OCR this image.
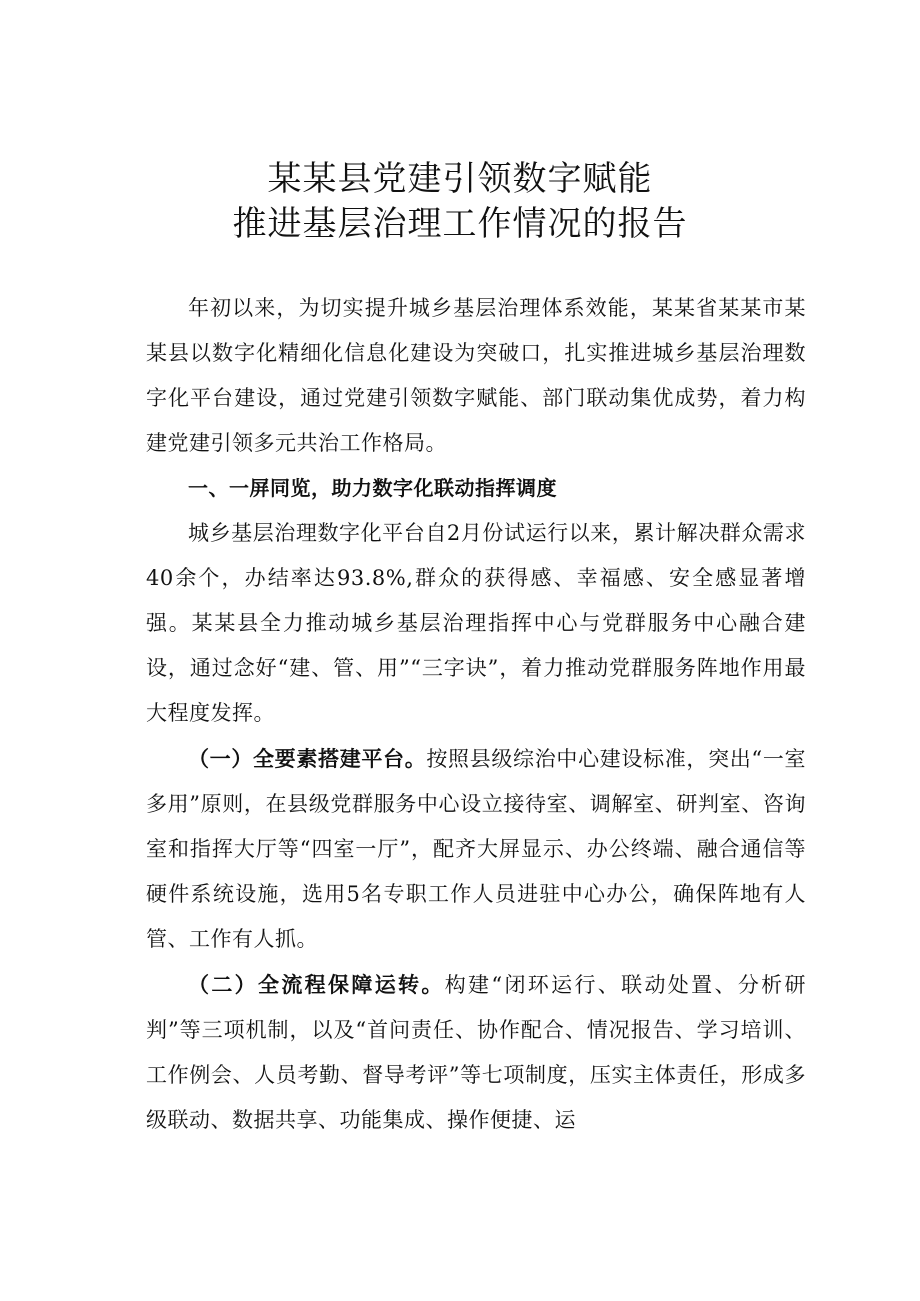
某某县党建引领数字赋能
推进基层治理工作情况的报告

年初以来，为切实提升城乡基层治理体系效能，某某省某某市某某县以数字化精细化信息化建设为突破口，扎实推进城乡基层治理数字化平台建设，通过党建引领数字赋能、部门联动集优成势，着力构建党建引领多元共治工作格局。

一、一屏同览，助力数字化联动指挥调度

城乡基层治理数字化平台自2月份试运行以来，累计解决群众需求40余个，办结率达93.8%,群众的获得感、幸福感、安全感显著增强。某某县全力推动城乡基层治理指挥中心与党群服务中心融合建设，通过念好“建、管、用”“三字诀”，着力推动党群服务阵地作用最大程度发挥。

（一）全要素搭建平台。按照县级综治中心建设标准，突出“一室多用”原则，在县级党群服务中心设立接待室、调解室、研判室、咨询室和指挥大厅等“四室一厅”，配齐大屏显示、办公终端、融合通信等硬件系统设施，选用5名专职工作人员进驻中心办公，确保阵地有人管、工作有人抓。

（二）全流程保障运转。构建“闭环运行、联动处置、分析研判”等三项机制，以及“首问责任、协作配合、情况报告、学习培训、工作例会、人员考勤、督导考评”等七项制度，压实主体责任，形成多级联动、数据共享、功能集成、操作便捷、运
